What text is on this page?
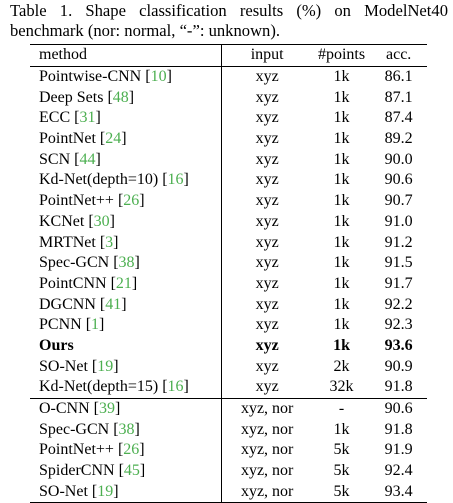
Table 1. Shape classification results (%) on ModelNet40 benchmark (nor: normal, “-”: unknown).
method	input	#points	acc.
Pointwise-CNN [10]	xyz	1k	86.1
Deep Sets [48]	xyz	1k	87.1
ECC [31]	xyz	1k	87.4
PointNet [24]	xyz	1k	89.2
SCN [44]	xyz	1k	90.0
Kd-Net(depth=10) [16]	xyz	1k	90.6
PointNet++ [26]	xyz	1k	90.7
KCNet [30]	xyz	1k	91.0
MRTNet [3]	xyz	1k	91.2
Spec-GCN [38]	xyz	1k	91.5
PointCNN [21]	xyz	1k	91.7
DGCNN [41]	xyz	1k	92.2
PCNN [1]	xyz	1k	92.3
Ours	xyz	1k	93.6
SO-Net [19]	xyz	2k	90.9
Kd-Net(depth=15) [16]	xyz	32k	91.8
O-CNN [39]	xyz, nor	-	90.6
Spec-GCN [38]	xyz, nor	1k	91.8
PointNet++ [26]	xyz, nor	5k	91.9
SpiderCNN [45]	xyz, nor	5k	92.4
SO-Net [19]	xyz, nor	5k	93.4
